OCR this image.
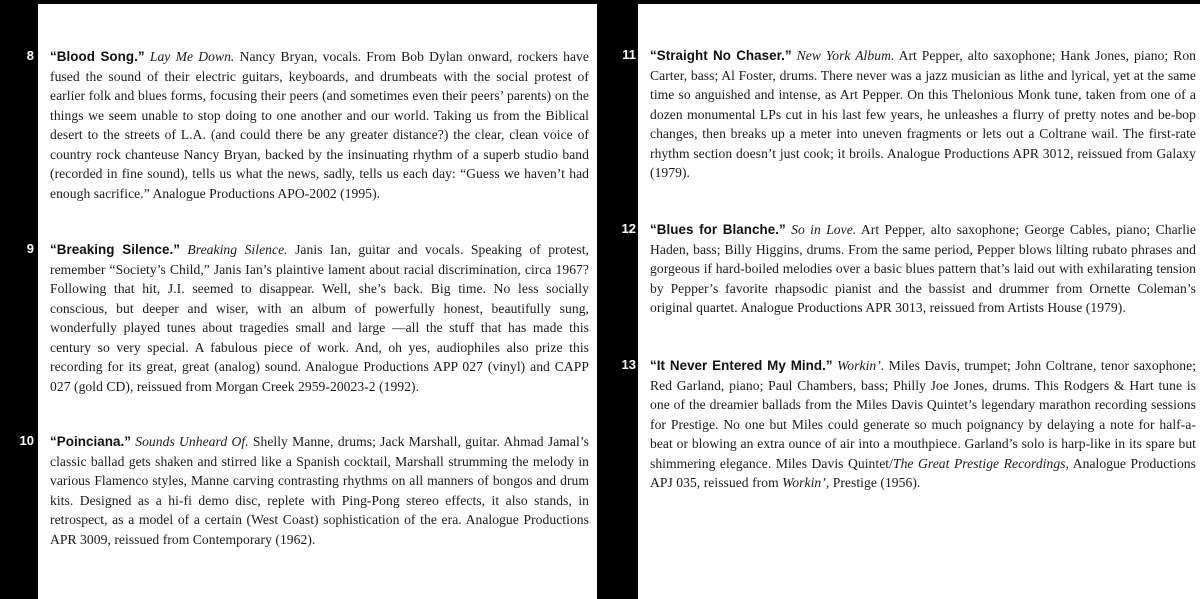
8 “Blood Song.” Lay Me Down. Nancy Bryan, vocals. From Bob Dylan onward, rockers have fused the sound of their electric guitars, keyboards, and drumbeats with the social protest of earlier folk and blues forms, focusing their peers (and sometimes even their peers’ parents) on the things we seem unable to stop doing to one another and our world. Taking us from the Biblical desert to the streets of L.A. (and could there be any greater distance?) the clear, clean voice of country rock chanteuse Nancy Bryan, backed by the insinuating rhythm of a superb studio band (recorded in fine sound), tells us what the news, sadly, tells us each day: “Guess we haven’t had enough sacrifice.” Analogue Productions APO-2002 (1995).
9 “Breaking Silence.” Breaking Silence. Janis Ian, guitar and vocals. Speaking of protest, remember “Society’s Child,” Janis Ian’s plaintive lament about racial discrimination, circa 1967? Following that hit, J.I. seemed to disappear. Well, she’s back. Big time. No less socially conscious, but deeper and wiser, with an album of powerfully honest, beautifully sung, wonderfully played tunes about tragedies small and large —all the stuff that has made this century so very special. A fabulous piece of work. And, oh yes, audiophiles also prize this recording for its great, great (analog) sound. Analogue Productions APP 027 (vinyl) and CAPP 027 (gold CD), reissued from Morgan Creek 2959-20023-2 (1992).
10 “Poinciana.” Sounds Unheard Of. Shelly Manne, drums; Jack Marshall, guitar. Ahmad Jamal’s classic ballad gets shaken and stirred like a Spanish cocktail, Marshall strumming the melody in various Flamenco styles, Manne carving contrasting rhythms on all manners of bongos and drum kits. Designed as a hi-fi demo disc, replete with Ping-Pong stereo effects, it also stands, in retrospect, as a model of a certain (West Coast) sophistication of the era. Analogue Productions APR 3009, reissued from Contemporary (1962).
11 “Straight No Chaser.” New York Album. Art Pepper, alto saxophone; Hank Jones, piano; Ron Carter, bass; Al Foster, drums. There never was a jazz musician as lithe and lyrical, yet at the same time so anguished and intense, as Art Pepper. On this Thelonious Monk tune, taken from one of a dozen monumental LPs cut in his last few years, he unleashes a flurry of pretty notes and be-bop changes, then breaks up a meter into uneven fragments or lets out a Coltrane wail. The first-rate rhythm section doesn’t just cook; it broils. Analogue Productions APR 3012, reissued from Galaxy (1979).
12 “Blues for Blanche.” So in Love. Art Pepper, alto saxophone; George Cables, piano; Charlie Haden, bass; Billy Higgins, drums. From the same period, Pepper blows lilting rubato phrases and gorgeous if hard-boiled melodies over a basic blues pattern that’s laid out with exhilarating tension by Pepper’s favorite rhapsodic pianist and the bassist and drummer from Ornette Coleman’s original quartet. Analogue Productions APR 3013, reissued from Artists House (1979).
13 “It Never Entered My Mind.” Workin’. Miles Davis, trumpet; John Coltrane, tenor saxophone; Red Garland, piano; Paul Chambers, bass; Philly Joe Jones, drums. This Rodgers & Hart tune is one of the dreamier ballads from the Miles Davis Quintet’s legendary marathon recording sessions for Prestige. No one but Miles could generate so much poignancy by delaying a note for half-a-beat or blowing an extra ounce of air into a mouthpiece. Garland’s solo is harp-like in its spare but shimmering elegance. Miles Davis Quintet/The Great Prestige Recordings, Analogue Productions APJ 035, reissued from Workin’, Prestige (1956).
